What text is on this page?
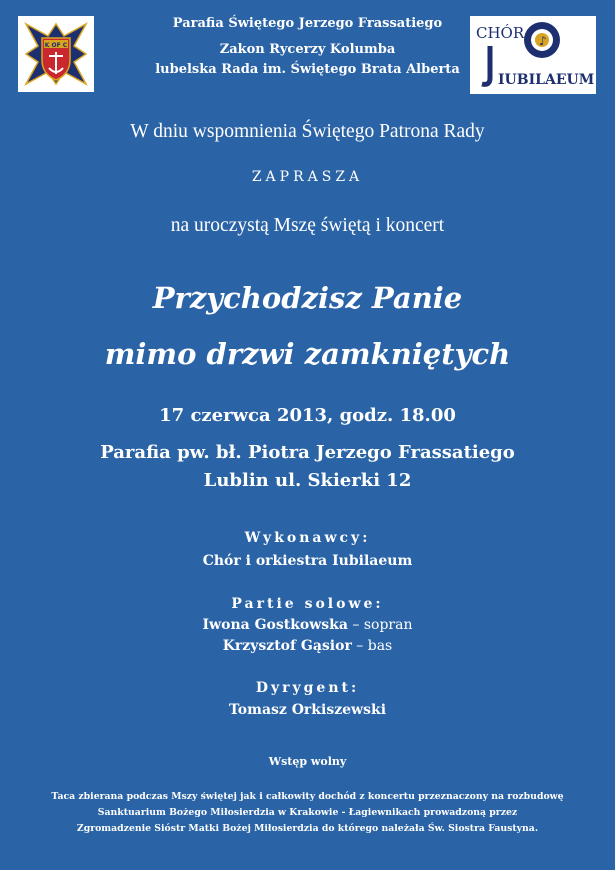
K OF C
Parafia Świętego Jerzego Frassatiego
Zakon Rycerzy Kolumba
lubelska Rada im. Świętego Brata Alberta
CHÓR ♪
IUBILAEUM
W dniu wspomnienia Świętego Patrona Rady
ZAPRASZA
na uroczystą Mszę świętą i koncert
Przychodzisz Panie
mimo drzwi zamkniętych
17 czerwca 2013, godz. 18.00
Parafia pw. bł. Piotra Jerzego Frassatiego
Lublin ul. Skierki 12
Wykonawcy:
Chór i orkiestra Iubilaeum
Partie solowe:
Iwona Gostkowska – sopran
Krzysztof Gąsior – bas
Dyrygent:
Tomasz Orkiszewski
Wstęp wolny
Taca zbierana podczas Mszy świętej jak i całkowity dochód z koncertu przeznaczony na rozbudowę
Sanktuarium Bożego Miłosierdzia w Krakowie - Łagiewnikach prowadzoną przez
Zgromadzenie Sióstr Matki Bożej Miłosierdzia do którego należała Św. Siostra Faustyna.
